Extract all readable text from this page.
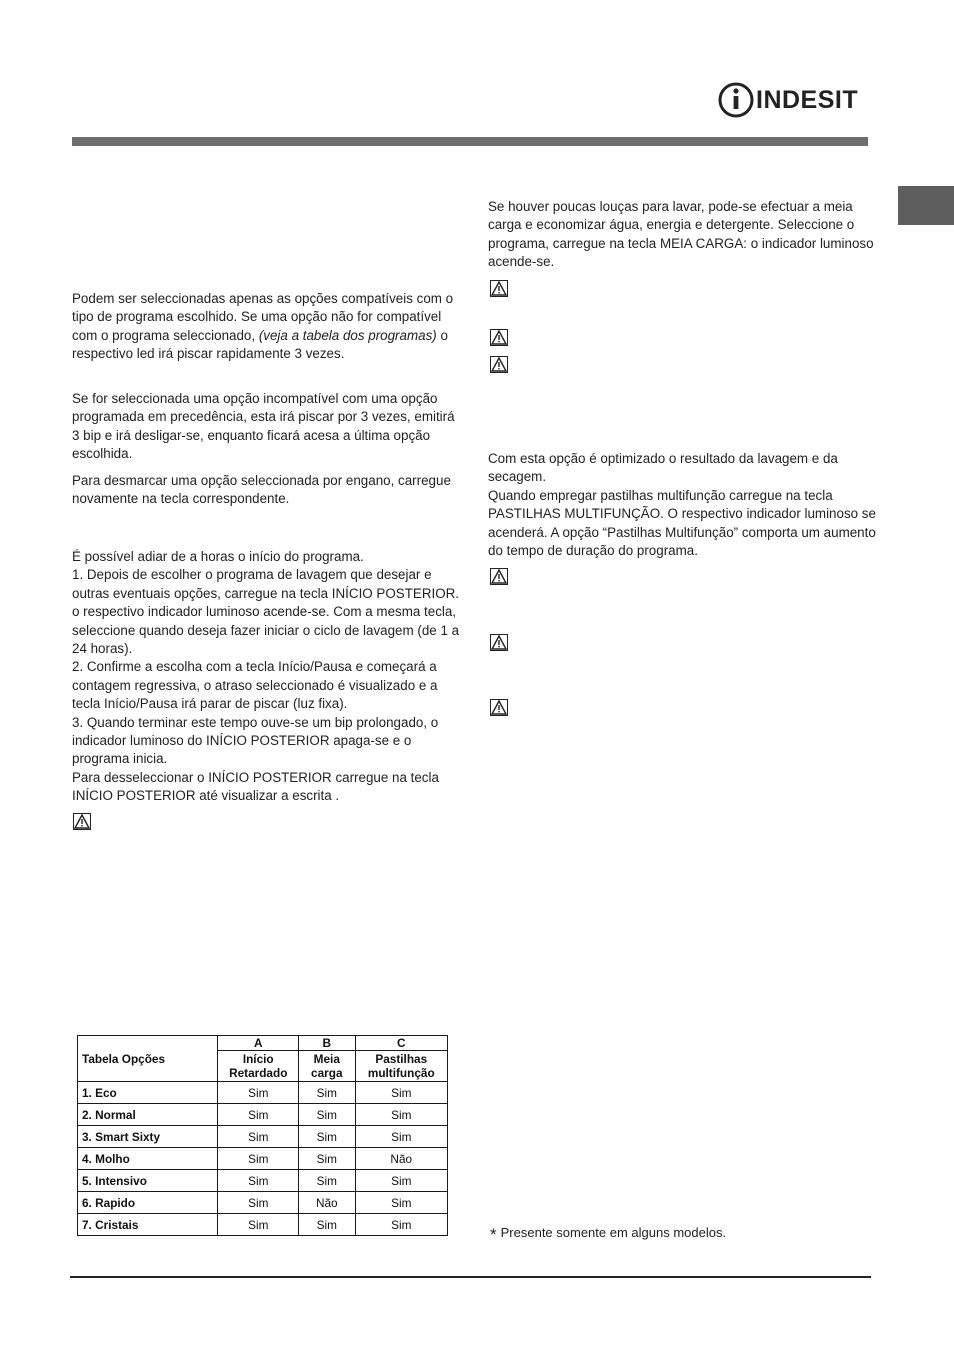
INDESIT

Podem ser seleccionadas apenas as opções compatíveis com o tipo de programa escolhido. Se uma opção não for compatível com o programa seleccionado, (veja a tabela dos programas) o respectivo led irá piscar rapidamente 3 vezes.

Se for seleccionada uma opção incompatível com uma opção programada em precedência, esta irá piscar por 3 vezes, emitirá 3 bip e irá desligar-se, enquanto ficará acesa a última opção escolhida.

Para desmarcar uma opção seleccionada por engano, carregue novamente na tecla correspondente.

É possível adiar de a horas o início do programa.
1. Depois de escolher o programa de lavagem que desejar e outras eventuais opções, carregue na tecla INÍCIO POSTERIOR. o respectivo indicador luminoso acende-se. Com a mesma tecla, seleccione quando deseja fazer iniciar o ciclo de lavagem (de 1 a 24 horas).
2. Confirme a escolha com a tecla Início/Pausa e começará a contagem regressiva, o atraso seleccionado é visualizado e a tecla Início/Pausa irá parar de piscar (luz fixa).
3. Quando terminar este tempo ouve-se um bip prolongado, o indicador luminoso do INÍCIO POSTERIOR apaga-se e o programa inicia.
Para desseleccionar o INÍCIO POSTERIOR carregue na tecla INÍCIO POSTERIOR até visualizar a escrita .
Tabela Opções	A	B	C
	Início Retardado	Meia carga	Pastilhas multifunção
1. Eco	Sim	Sim	Sim
2. Normal	Sim	Sim	Sim
3. Smart Sixty	Sim	Sim	Sim
4. Molho	Sim	Sim	Não
5. Intensivo	Sim	Sim	Sim
6. Rapido	Sim	Não	Sim
7. Cristais	Sim	Sim	Sim

Se houver poucas louças para lavar, pode-se efectuar a meia carga e economizar água, energia e detergente. Seleccione o programa, carregue na tecla MEIA CARGA: o indicador luminoso acende-se.

Com esta opção é optimizado o resultado da lavagem e da secagem.
Quando empregar pastilhas multifunção carregue na tecla PASTILHAS MULTIFUNÇÃO. O respectivo indicador luminoso se acenderá. A opção “Pastilhas Multifunção” comporta um aumento do tempo de duração do programa.
* Presente somente em alguns modelos.
